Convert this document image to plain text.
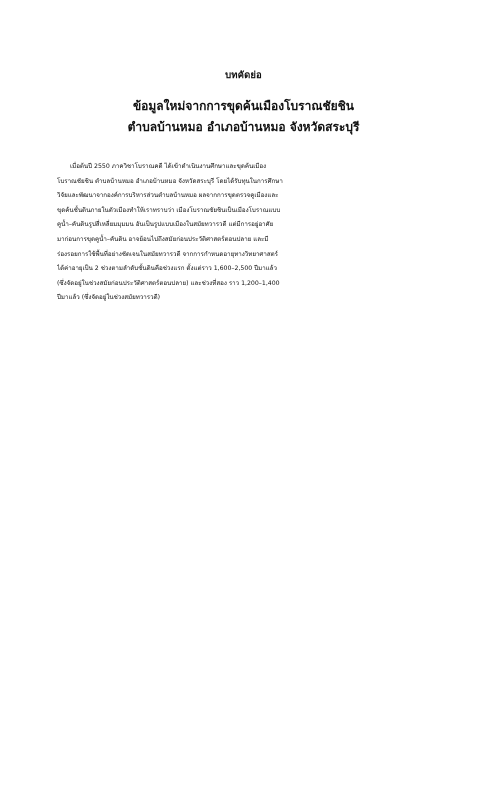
บทคัดย่อ
ข้อมูลใหม่จากการขุดค้นเมืองโบราณชัยชิน
ตำบลบ้านหมอ อำเภอบ้านหมอ จังหวัดสระบุรี
เมื่อต้นปี 2550 ภาควิชาโบราณคดี ได้เข้าดำเนินงานศึกษาและขุดค้นเมือง
โบราณชัยชิน ตำบลบ้านหมอ อำเภอบ้านหมอ จังหวัดสระบุรี โดยได้รับทุนในการศึกษา
วิจัยและพัฒนาจากองค์การบริหารส่วนตำบลบ้านหมอ ผลจากการขุดตรวจคูเมืองและ
ขุดค้นชั้นดินภายในตัวเมืองทำให้เราทราบว่า เมืองโบราณชัยชินเป็นเมืองโบราณแบบ
คูน้ำ–คันดินรูปสี่เหลี่ยมมุมมน อันเป็นรูปแบบเมืองในสมัยทวารวดี แต่มีการอยู่อาศัย
มาก่อนการขุดคูน้ำ–คันดิน อาจย้อนไปถึงสมัยก่อนประวัติศาสตร์ตอนปลาย และมี
ร่องรอยการใช้พื้นที่อย่างชัดเจนในสมัยทวารวดี จากการกำหนดอายุทางวิทยาศาสตร์
ได้ค่าอายุเป็น 2 ช่วงตามลำดับชั้นดินคือช่วงแรก ตั้งแต่ราว 1,600–2,500 ปีมาแล้ว
(ซึ่งจัดอยู่ในช่วงสมัยก่อนประวัติศาสตร์ตอนปลาย) และช่วงที่สอง ราว 1,200–1,400
ปีมาแล้ว (ซึ่งจัดอยู่ในช่วงสมัยทวารวดี)
